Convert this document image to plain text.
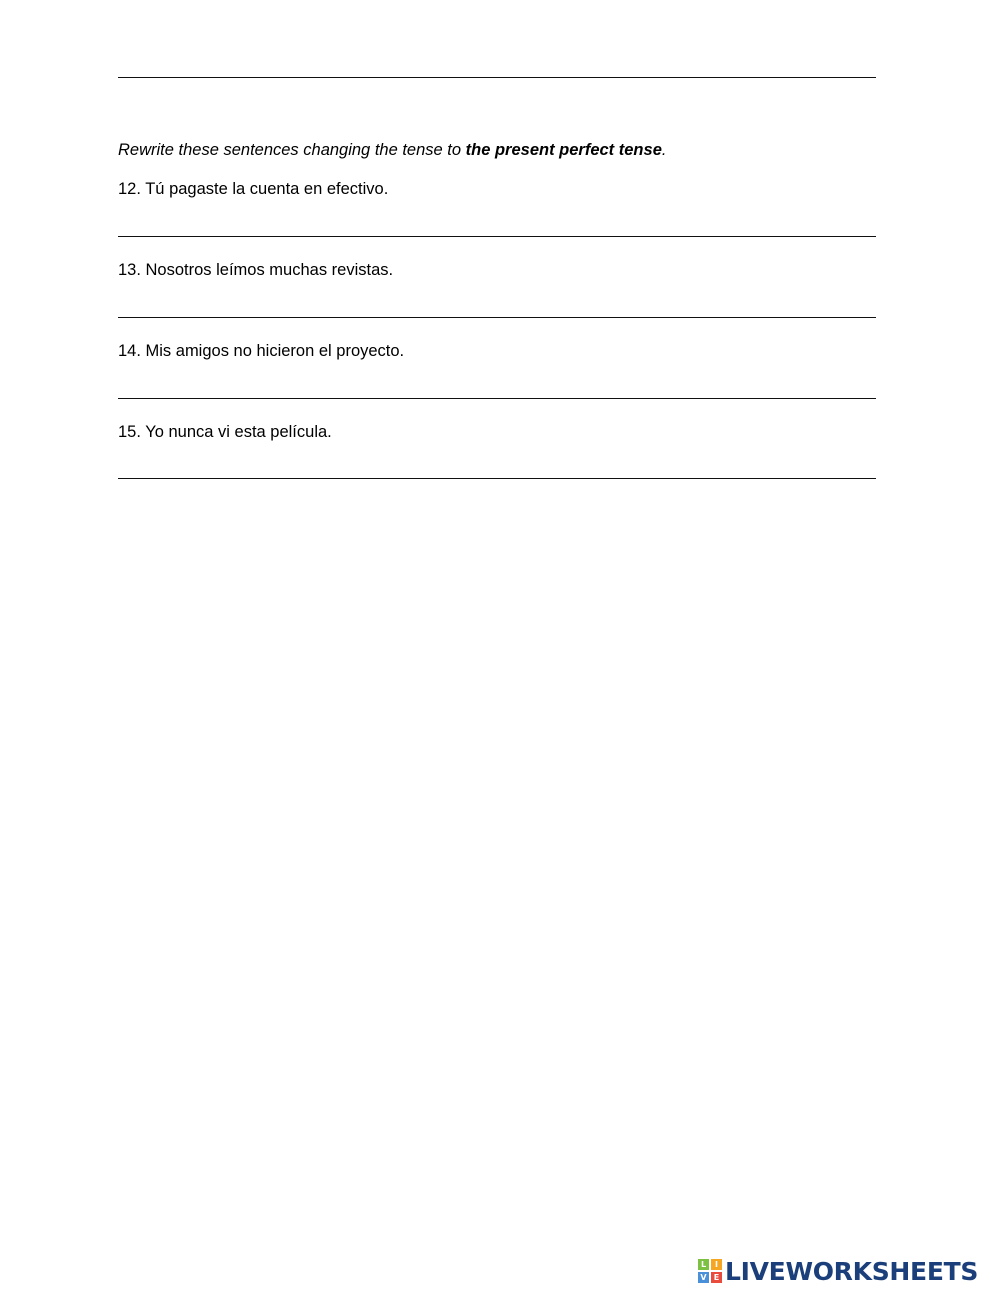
Rewrite these sentences changing the tense to the present perfect tense.
12. Tú pagaste la cuenta en efectivo.
13. Nosotros leímos muchas revistas.
14. Mis amigos no hicieron el proyecto.
15. Yo nunca vi esta película.
L	I
V E LIVEWORKSHEETS
